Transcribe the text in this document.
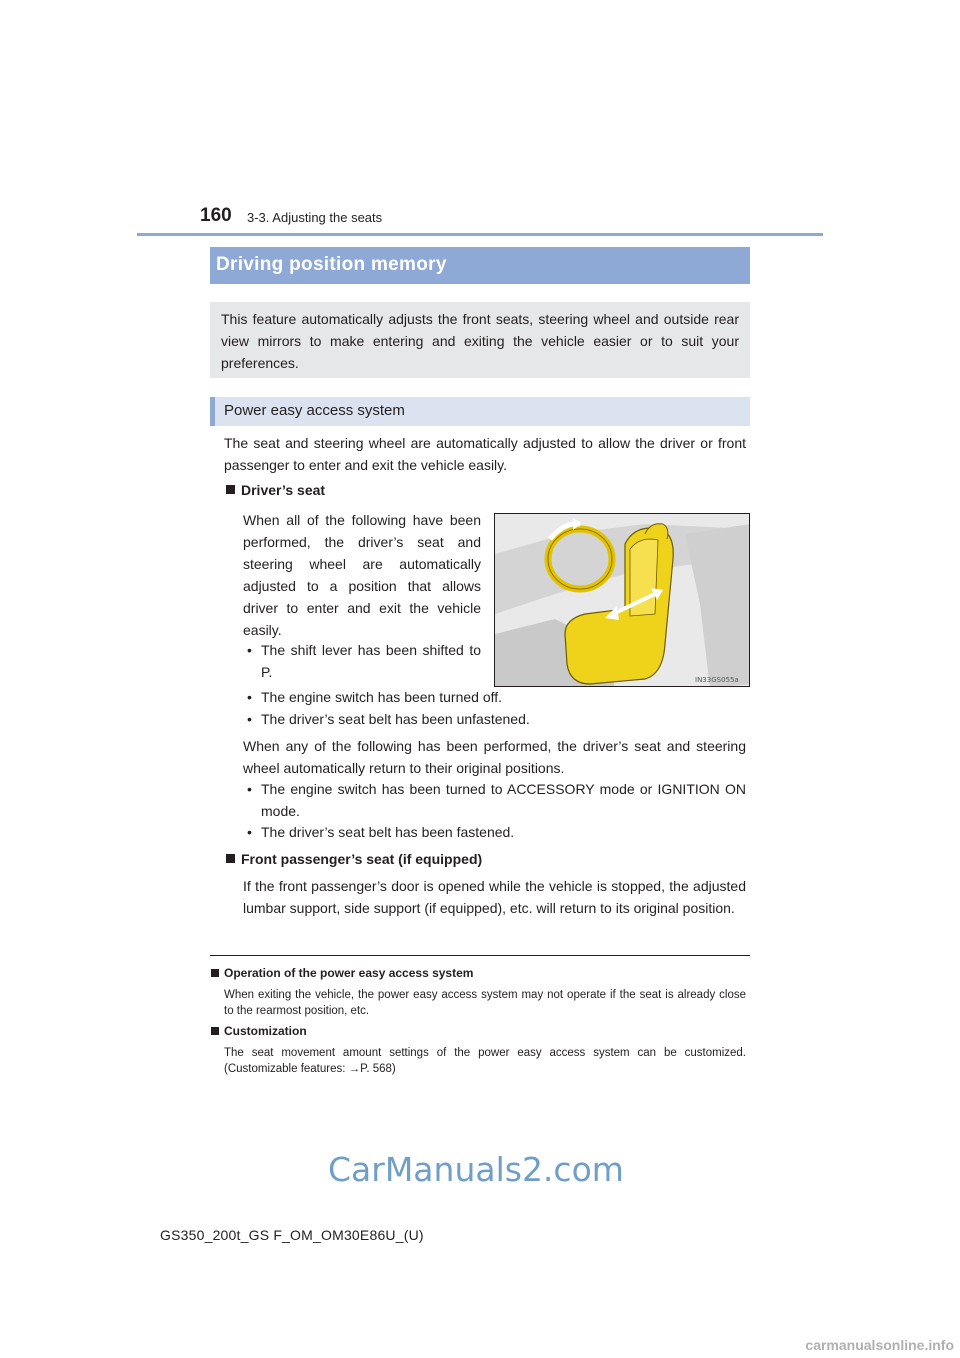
160 3-3. Adjusting the seats
Driving position memory
This feature automatically adjusts the front seats, steering wheel and outside rear view mirrors to make entering and exiting the vehicle easier or to suit your preferences.
Power easy access system
The seat and steering wheel are automatically adjusted to allow the driver or front passenger to enter and exit the vehicle easily.
Driver’s seat
When all of the following have been performed, the driver’s seat and steering wheel are automatically adjusted to a position that allows driver to enter and exit the vehicle easily.
• The shift lever has been shifted to P.
• The engine switch has been turned off.
• The driver’s seat belt has been unfastened.
IN33GS055a
When any of the following has been performed, the driver’s seat and steering wheel automatically return to their original positions.
• The engine switch has been turned to ACCESSORY mode or IGNITION ON mode.
• The driver’s seat belt has been fastened.
Front passenger’s seat (if equipped)
If the front passenger’s door is opened while the vehicle is stopped, the adjusted lumbar support, side support (if equipped), etc. will return to its original position.
Operation of the power easy access system
When exiting the vehicle, the power easy access system may not operate if the seat is already close to the rearmost position, etc.
Customization
The seat movement amount settings of the power easy access system can be customized. (Customizable features: →P. 568)
CarManuals2.com
GS350_200t_GS F_OM_OM30E86U_(U)
carmanualsonline.info
